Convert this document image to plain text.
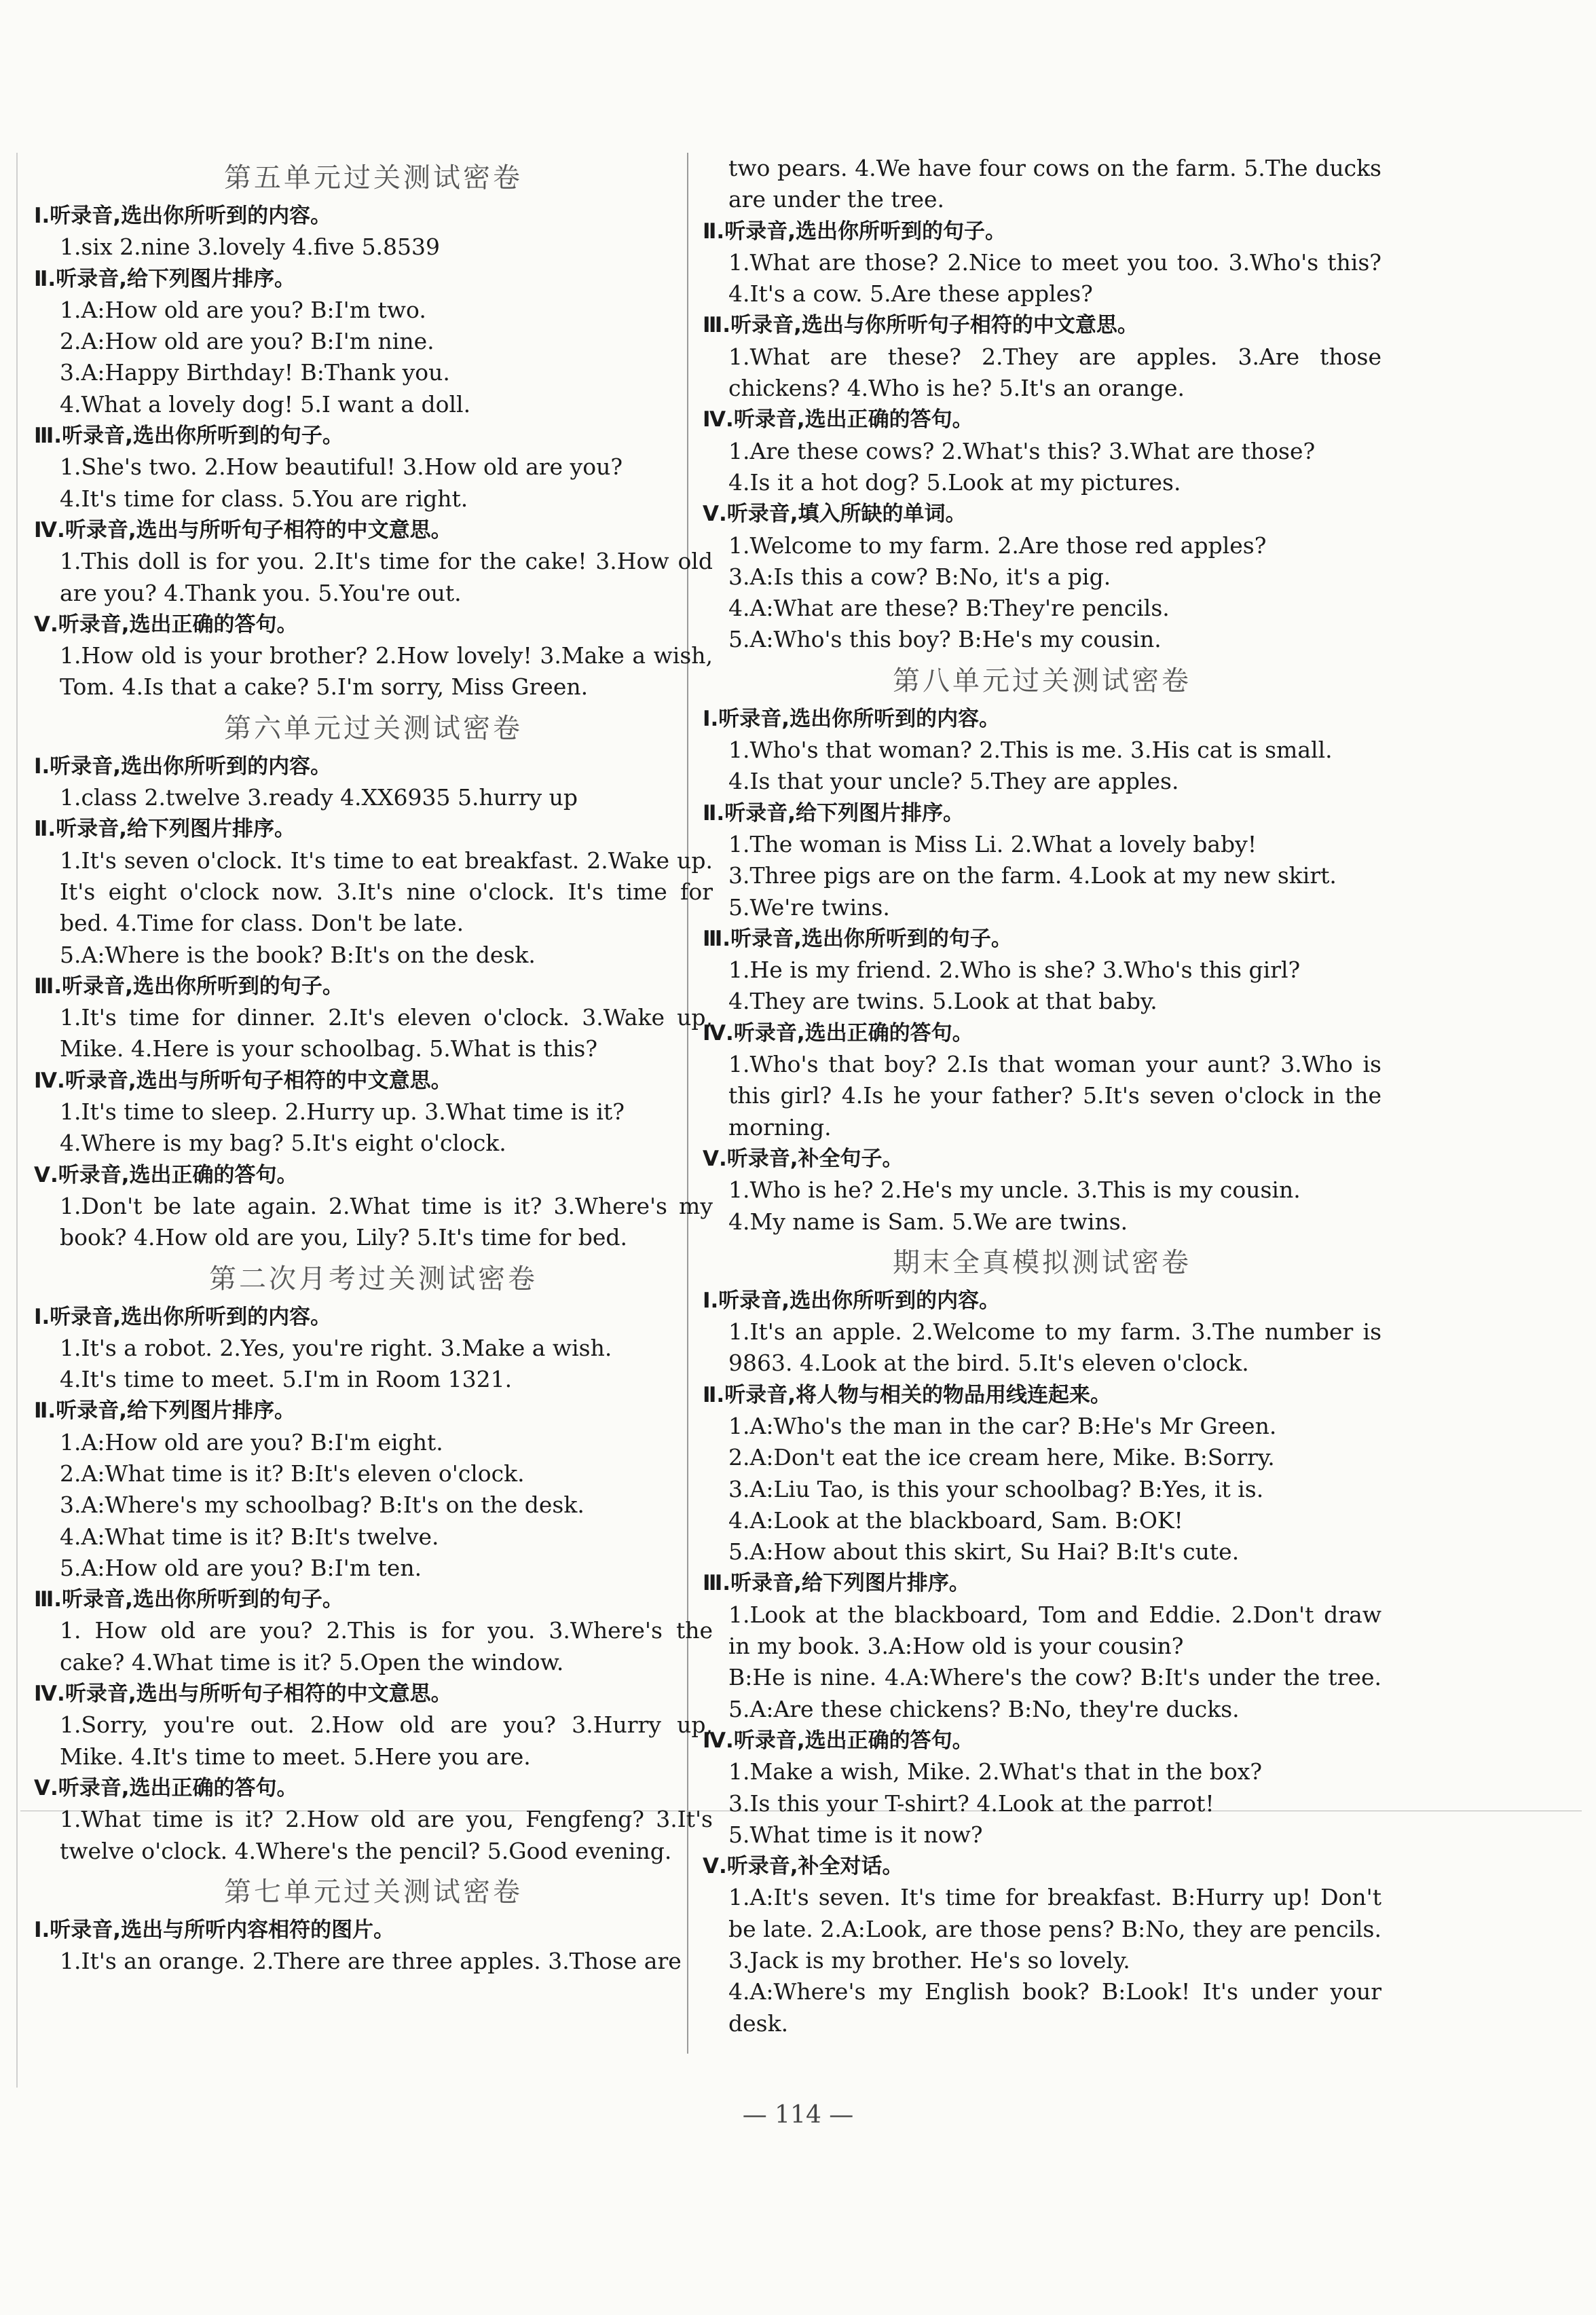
第五单元过关测试密卷
Ⅰ.听录音,选出你所听到的内容。
1.six 2.nine 3.lovely 4.five 5.8539
Ⅱ.听录音,给下列图片排序。
1.A:How old are you? B:I'm two.
2.A:How old are you? B:I'm nine.
3.A:Happy Birthday! B:Thank you.
4.What a lovely dog! 5.I want a doll.
Ⅲ.听录音,选出你所听到的句子。
1.She's two. 2.How beautiful! 3.How old are you?
4.It's time for class. 5.You are right.
Ⅳ.听录音,选出与所听句子相符的中文意思。
1.This doll is for you. 2.It's time for the cake! 3.How old are you? 4.Thank you. 5.You're out.
Ⅴ.听录音,选出正确的答句。
1.How old is your brother? 2.How lovely! 3.Make a wish, Tom. 4.Is that a cake? 5.I'm sorry, Miss Green.
第六单元过关测试密卷
Ⅰ.听录音,选出你所听到的内容。
1.class 2.twelve 3.ready 4.XX6935 5.hurry up
Ⅱ.听录音,给下列图片排序。
1.It's seven o'clock. It's time to eat breakfast. 2.Wake up. It's eight o'clock now. 3.It's nine o'clock. It's time for bed. 4.Time for class. Don't be late.
5.A:Where is the book? B:It's on the desk.
Ⅲ.听录音,选出你所听到的句子。
1.It's time for dinner. 2.It's eleven o'clock. 3.Wake up, Mike. 4.Here is your schoolbag. 5.What is this?
Ⅳ.听录音,选出与所听句子相符的中文意思。
1.It's time to sleep. 2.Hurry up. 3.What time is it?
4.Where is my bag? 5.It's eight o'clock.
Ⅴ.听录音,选出正确的答句。
1.Don't be late again. 2.What time is it? 3.Where's my book? 4.How old are you, Lily? 5.It's time for bed.
第二次月考过关测试密卷
Ⅰ.听录音,选出你所听到的内容。
1.It's a robot. 2.Yes, you're right. 3.Make a wish.
4.It's time to meet. 5.I'm in Room 1321.
Ⅱ.听录音,给下列图片排序。
1.A:How old are you? B:I'm eight.
2.A:What time is it? B:It's eleven o'clock.
3.A:Where's my schoolbag? B:It's on the desk.
4.A:What time is it? B:It's twelve.
5.A:How old are you? B:I'm ten.
Ⅲ.听录音,选出你所听到的句子。
1. How old are you? 2.This is for you. 3.Where's the cake? 4.What time is it? 5.Open the window.
Ⅳ.听录音,选出与所听句子相符的中文意思。
1.Sorry, you're out. 2.How old are you? 3.Hurry up, Mike. 4.It's time to meet. 5.Here you are.
Ⅴ.听录音,选出正确的答句。
1.What time is it? 2.How old are you, Fengfeng? 3.It's twelve o'clock. 4.Where's the pencil? 5.Good evening.
第七单元过关测试密卷
Ⅰ.听录音,选出与所听内容相符的图片。
1.It's an orange. 2.There are three apples. 3.Those are
two pears. 4.We have four cows on the farm. 5.The ducks are under the tree.
Ⅱ.听录音,选出你所听到的句子。
1.What are those? 2.Nice to meet you too. 3.Who's this? 4.It's a cow. 5.Are these apples?
Ⅲ.听录音,选出与你所听句子相符的中文意思。
1.What are these? 2.They are apples. 3.Are those chickens? 4.Who is he? 5.It's an orange.
Ⅳ.听录音,选出正确的答句。
1.Are these cows? 2.What's this? 3.What are those?
4.Is it a hot dog? 5.Look at my pictures.
Ⅴ.听录音,填入所缺的单词。
1.Welcome to my farm. 2.Are those red apples?
3.A:Is this a cow? B:No, it's a pig.
4.A:What are these? B:They're pencils.
5.A:Who's this boy? B:He's my cousin.
第八单元过关测试密卷
Ⅰ.听录音,选出你所听到的内容。
1.Who's that woman? 2.This is me. 3.His cat is small.
4.Is that your uncle? 5.They are apples.
Ⅱ.听录音,给下列图片排序。
1.The woman is Miss Li. 2.What a lovely baby!
3.Three pigs are on the farm. 4.Look at my new skirt.
5.We're twins.
Ⅲ.听录音,选出你所听到的句子。
1.He is my friend. 2.Who is she? 3.Who's this girl?
4.They are twins. 5.Look at that baby.
Ⅳ.听录音,选出正确的答句。
1.Who's that boy? 2.Is that woman your aunt? 3.Who is this girl? 4.Is he your father? 5.It's seven o'clock in the morning.
Ⅴ.听录音,补全句子。
1.Who is he? 2.He's my uncle. 3.This is my cousin.
4.My name is Sam. 5.We are twins.
期末全真模拟测试密卷
Ⅰ.听录音,选出你所听到的内容。
1.It's an apple. 2.Welcome to my farm. 3.The number is 9863. 4.Look at the bird. 5.It's eleven o'clock.
Ⅱ.听录音,将人物与相关的物品用线连起来。
1.A:Who's the man in the car? B:He's Mr Green.
2.A:Don't eat the ice cream here, Mike. B:Sorry.
3.A:Liu Tao, is this your schoolbag? B:Yes, it is.
4.A:Look at the blackboard, Sam. B:OK!
5.A:How about this skirt, Su Hai? B:It's cute.
Ⅲ.听录音,给下列图片排序。
1.Look at the blackboard, Tom and Eddie. 2.Don't draw in my book. 3.A:How old is your cousin?
B:He is nine. 4.A:Where's the cow? B:It's under the tree. 5.A:Are these chickens? B:No, they're ducks.
Ⅳ.听录音,选出正确的答句。
1.Make a wish, Mike. 2.What's that in the box?
3.Is this your T-shirt? 4.Look at the parrot!
5.What time is it now?
Ⅴ.听录音,补全对话。
1.A:It's seven. It's time for breakfast. B:Hurry up! Don't be late. 2.A:Look, are those pens? B:No, they are pencils. 3.Jack is my brother. He's so lovely.
4.A:Where's my English book? B:Look! It's under your desk.
— 114 —
